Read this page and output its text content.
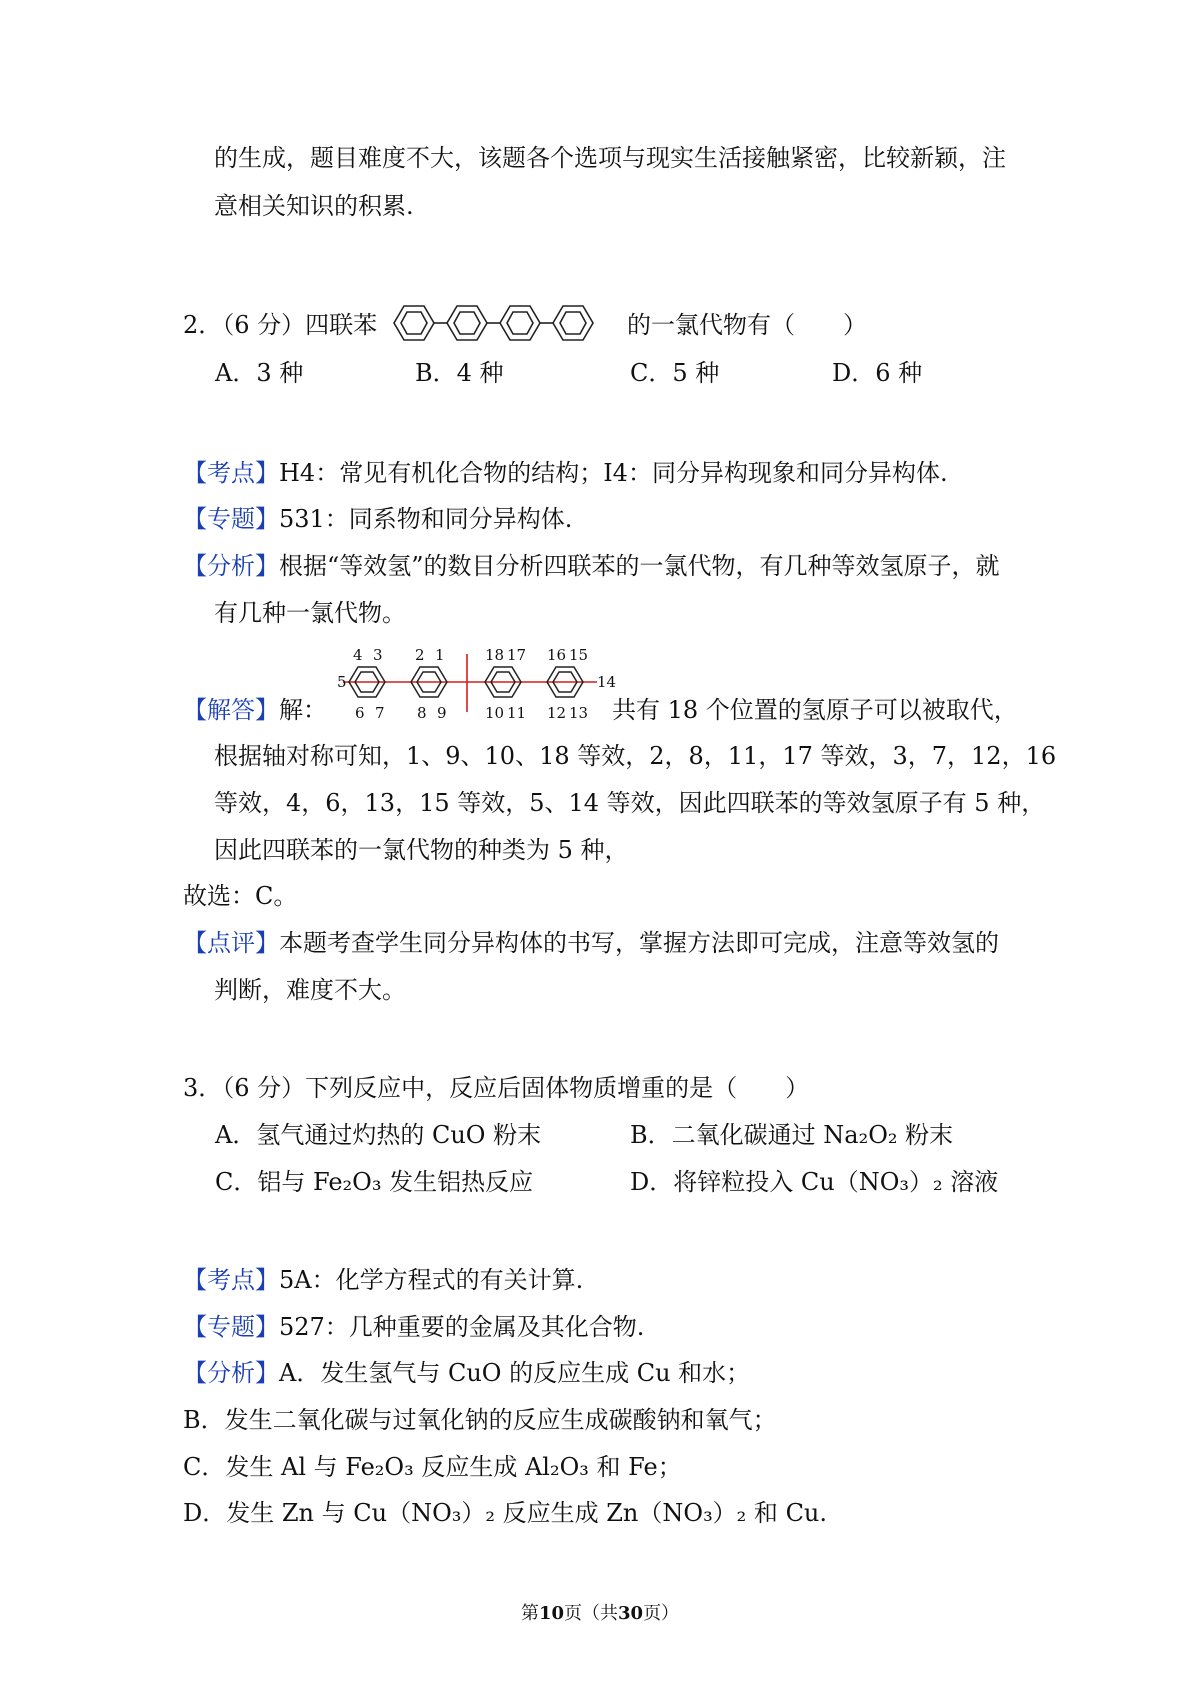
的生成，题目难度不大，该题各个选项与现实生活接触紧密，比较新颖，注
意相关知识的积累.
2．（6 分）四联苯	的一氯代物有（　　）
A．3 种	B．4 种	C．5 种	D．6 种
【考点】H4：常见有机化合物的结构；I4：同分异构现象和同分异构体.
【专题】531：同系物和同分异构体.
【分析】根据“等效氢”的数目分析四联苯的一氯代物，有几种等效氢原子，就
有几种一氯代物。
【解答】解：
4 3 2 1	18 17 16 15
5	14
6 7 8 9	10 11 12 13 共有 18 个位置的氢原子可以被取代，
根据轴对称可知，1、9、10、18 等效，2，8，11，17 等效，3，7，12，16
等效，4，6，13，15 等效，5、14 等效，因此四联苯的等效氢原子有 5 种，
因此四联苯的一氯代物的种类为 5 种，
故选：C。
【点评】本题考查学生同分异构体的书写，掌握方法即可完成，注意等效氢的
判断，难度不大。
3．（6 分）下列反应中，反应后固体物质增重的是（　　）
A．氢气通过灼热的 CuO 粉末	B．二氧化碳通过 Na₂O₂ 粉末
C．铝与 Fe₂O₃ 发生铝热反应	D．将锌粒投入 Cu（NO₃）₂ 溶液
【考点】5A：化学方程式的有关计算.
【专题】527：几种重要的金属及其化合物.
【分析】A．发生氢气与 CuO 的反应生成 Cu 和水；
B．发生二氧化碳与过氧化钠的反应生成碳酸钠和氧气；
C．发生 Al 与 Fe₂O₃ 反应生成 Al₂O₃ 和 Fe；
D．发生 Zn 与 Cu（NO₃）₂ 反应生成 Zn（NO₃）₂ 和 Cu.
第10页（共30页）
